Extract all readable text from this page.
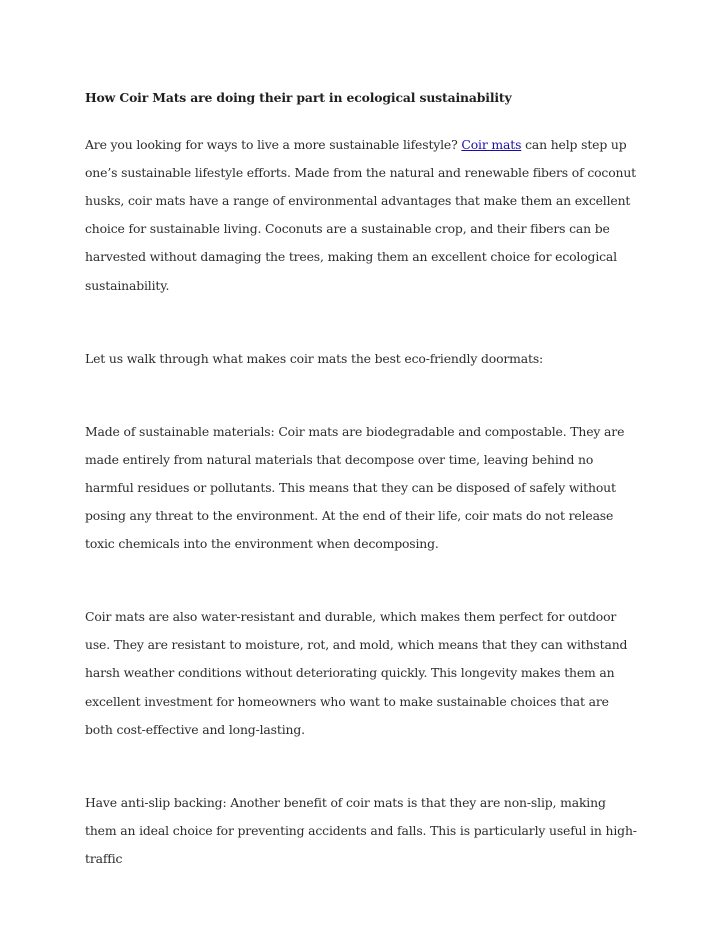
How Coir Mats are doing their part in ecological sustainability
Are you looking for ways to live a more sustainable lifestyle? Coir mats can help step up one’s sustainable lifestyle efforts. Made from the natural and renewable fibers of coconut husks, coir mats have a range of environmental advantages that make them an excellent choice for sustainable living. Coconuts are a sustainable crop, and their fibers can be harvested without damaging the trees, making them an excellent choice for ecological sustainability.
Let us walk through what makes coir mats the best eco-friendly doormats:
Made of sustainable materials: Coir mats are biodegradable and compostable. They are made entirely from natural materials that decompose over time, leaving behind no harmful residues or pollutants. This means that they can be disposed of safely without posing any threat to the environment. At the end of their life, coir mats do not release toxic chemicals into the environment when decomposing.
Coir mats are also water-resistant and durable, which makes them perfect for outdoor use. They are resistant to moisture, rot, and mold, which means that they can withstand harsh weather conditions without deteriorating quickly. This longevity makes them an excellent investment for homeowners who want to make sustainable choices that are both cost-effective and long-lasting.
Have anti-slip backing: Another benefit of coir mats is that they are non-slip, making them an ideal choice for preventing accidents and falls. This is particularly useful in high-traffic
